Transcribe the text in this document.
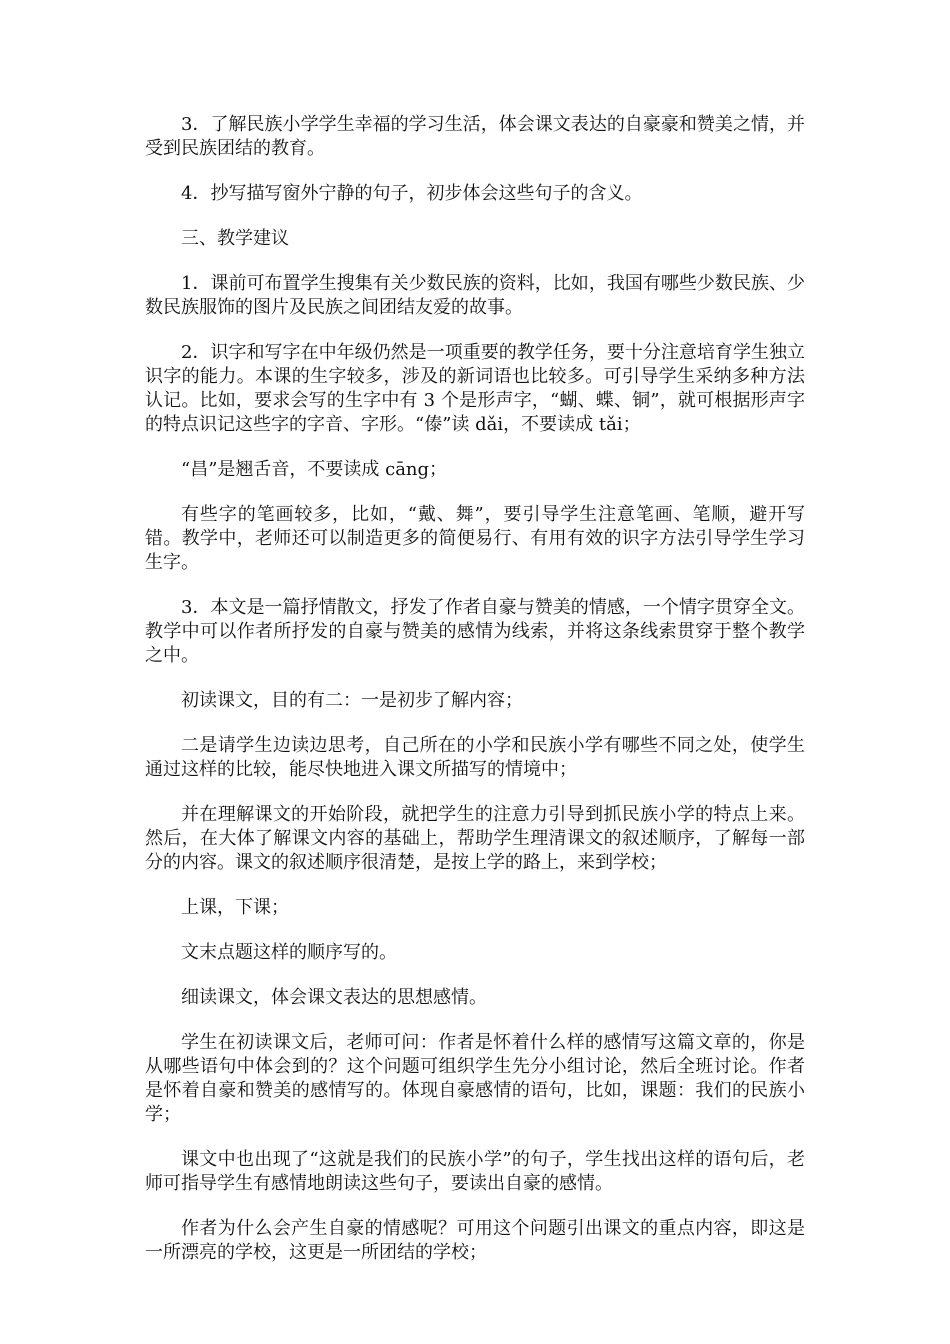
3．了解民族小学学生幸福的学习生活，体会课文表达的自豪豪和赞美之情，并受到民族团结的教育。

4．抄写描写窗外宁静的句子，初步体会这些句子的含义。

三、教学建议

1．课前可布置学生搜集有关少数民族的资料，比如，我国有哪些少数民族、少数民族服饰的图片及民族之间团结友爱的故事。

2．识字和写字在中年级仍然是一项重要的教学任务，要十分注意培育学生独立识字的能力。本课的生字较多，涉及的新词语也比较多。可引导学生采纳多种方法认记。比如，要求会写的生字中有 3 个是形声字，“蝴、蝶、铜”，就可根据形声字的特点识记这些字的字音、字形。“傣”读 dǎi，不要读成 tǎi；

“昌”是翘舌音，不要读成 cāng；

有些字的笔画较多，比如，“戴、舞”，要引导学生注意笔画、笔顺，避开写错。教学中，老师还可以制造更多的简便易行、有用有效的识字方法引导学生学习生字。

3．本文是一篇抒情散文，抒发了作者自豪与赞美的情感，一个情字贯穿全文。教学中可以作者所抒发的自豪与赞美的感情为线索，并将这条线索贯穿于整个教学之中。

初读课文，目的有二：一是初步了解内容；

二是请学生边读边思考，自己所在的小学和民族小学有哪些不同之处，使学生通过这样的比较，能尽快地进入课文所描写的情境中；

并在理解课文的开始阶段，就把学生的注意力引导到抓民族小学的特点上来。然后，在大体了解课文内容的基础上，帮助学生理清课文的叙述顺序，了解每一部分的内容。课文的叙述顺序很清楚，是按上学的路上，来到学校；

上课，下课；

文末点题这样的顺序写的。

细读课文，体会课文表达的思想感情。

学生在初读课文后，老师可问：作者是怀着什么样的感情写这篇文章的，你是从哪些语句中体会到的？这个问题可组织学生先分小组讨论，然后全班讨论。作者是怀着自豪和赞美的感情写的。体现自豪感情的语句，比如，课题：我们的民族小学；

课文中也出现了“这就是我们的民族小学”的句子，学生找出这样的语句后，老师可指导学生有感情地朗读这些句子，要读出自豪的感情。

作者为什么会产生自豪的情感呢？可用这个问题引出课文的重点内容，即这是一所漂亮的学校，这更是一所团结的学校；
